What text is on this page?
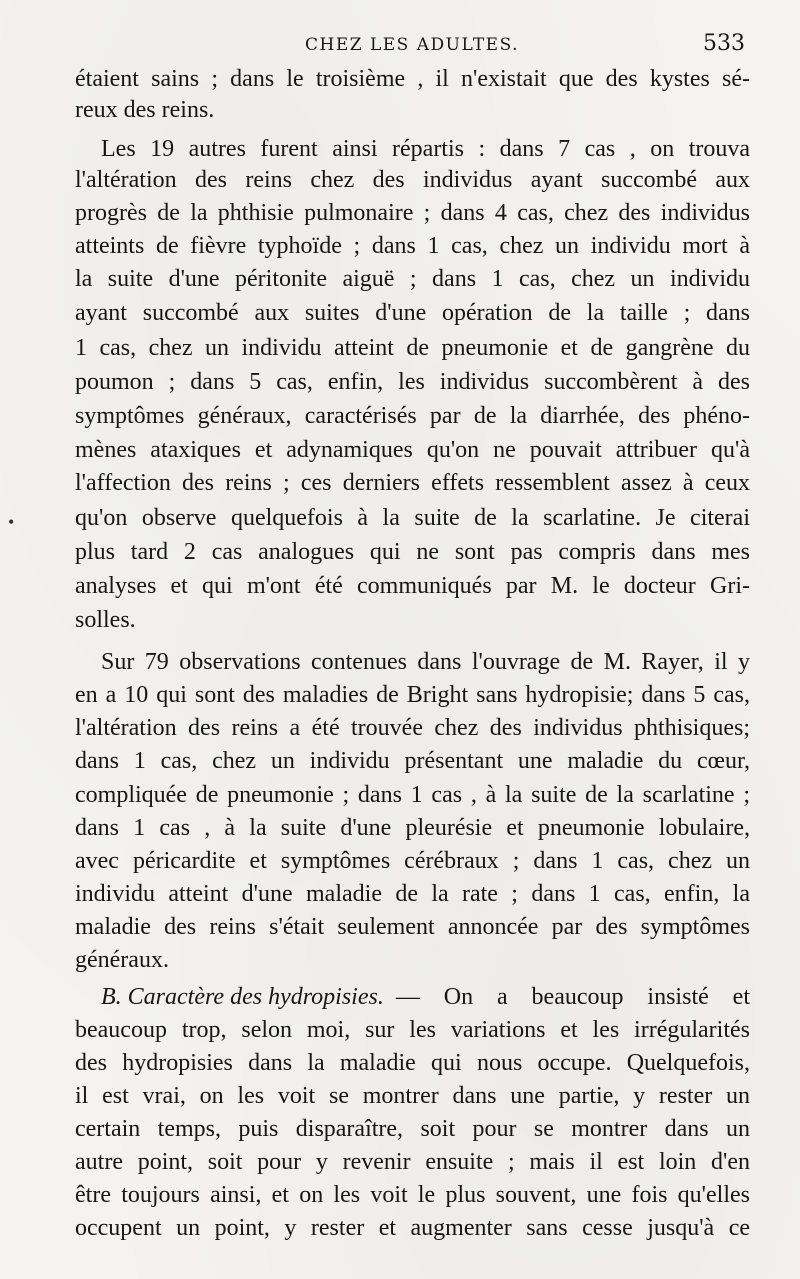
CHEZ LES ADULTES.	533
étaient sains ; dans le troisième , il n'existait que des kystes sé-
reux des reins.
Les 19 autres furent ainsi répartis : dans 7 cas , on trouva
l'altération des reins chez des individus ayant succombé aux
progrès de la phthisie pulmonaire ; dans 4 cas, chez des individus
atteints de fièvre typhoïde ; dans 1 cas, chez un individu mort à
la suite d'une péritonite aiguë ; dans 1 cas, chez un individu
ayant succombé aux suites d'une opération de la taille ; dans
1 cas, chez un individu atteint de pneumonie et de gangrène du
poumon ; dans 5 cas, enfin, les individus succombèrent à des
symptômes généraux, caractérisés par de la diarrhée, des phéno-
mènes ataxiques et adynamiques qu'on ne pouvait attribuer qu'à
l'affection des reins ; ces derniers effets ressemblent assez à ceux
qu'on observe quelquefois à la suite de la scarlatine. Je citerai
plus tard 2 cas analogues qui ne sont pas compris dans mes
analyses et qui m'ont été communiqués par M. le docteur Gri-
solles.
Sur 79 observations contenues dans l'ouvrage de M. Rayer, il y
en a 10 qui sont des maladies de Bright sans hydropisie; dans 5 cas,
l'altération des reins a été trouvée chez des individus phthisiques;
dans 1 cas, chez un individu présentant une maladie du cœur,
compliquée de pneumonie ; dans 1 cas , à la suite de la scarlatine ;
dans 1 cas , à la suite d'une pleurésie et pneumonie lobulaire,
avec péricardite et symptômes cérébraux ; dans 1 cas, chez un
individu atteint d'une maladie de la rate ; dans 1 cas, enfin, la
maladie des reins s'était seulement annoncée par des symptômes
généraux.
B. Caractère des hydropisies. — On a beaucoup insisté et
beaucoup trop, selon moi, sur les variations et les irrégularités
des hydropisies dans la maladie qui nous occupe. Quelquefois,
il est vrai, on les voit se montrer dans une partie, y rester un
certain temps, puis disparaître, soit pour se montrer dans un
autre point, soit pour y revenir ensuite ; mais il est loin d'en
être toujours ainsi, et on les voit le plus souvent, une fois qu'elles
occupent un point, y rester et augmenter sans cesse jusqu'à ce
•
